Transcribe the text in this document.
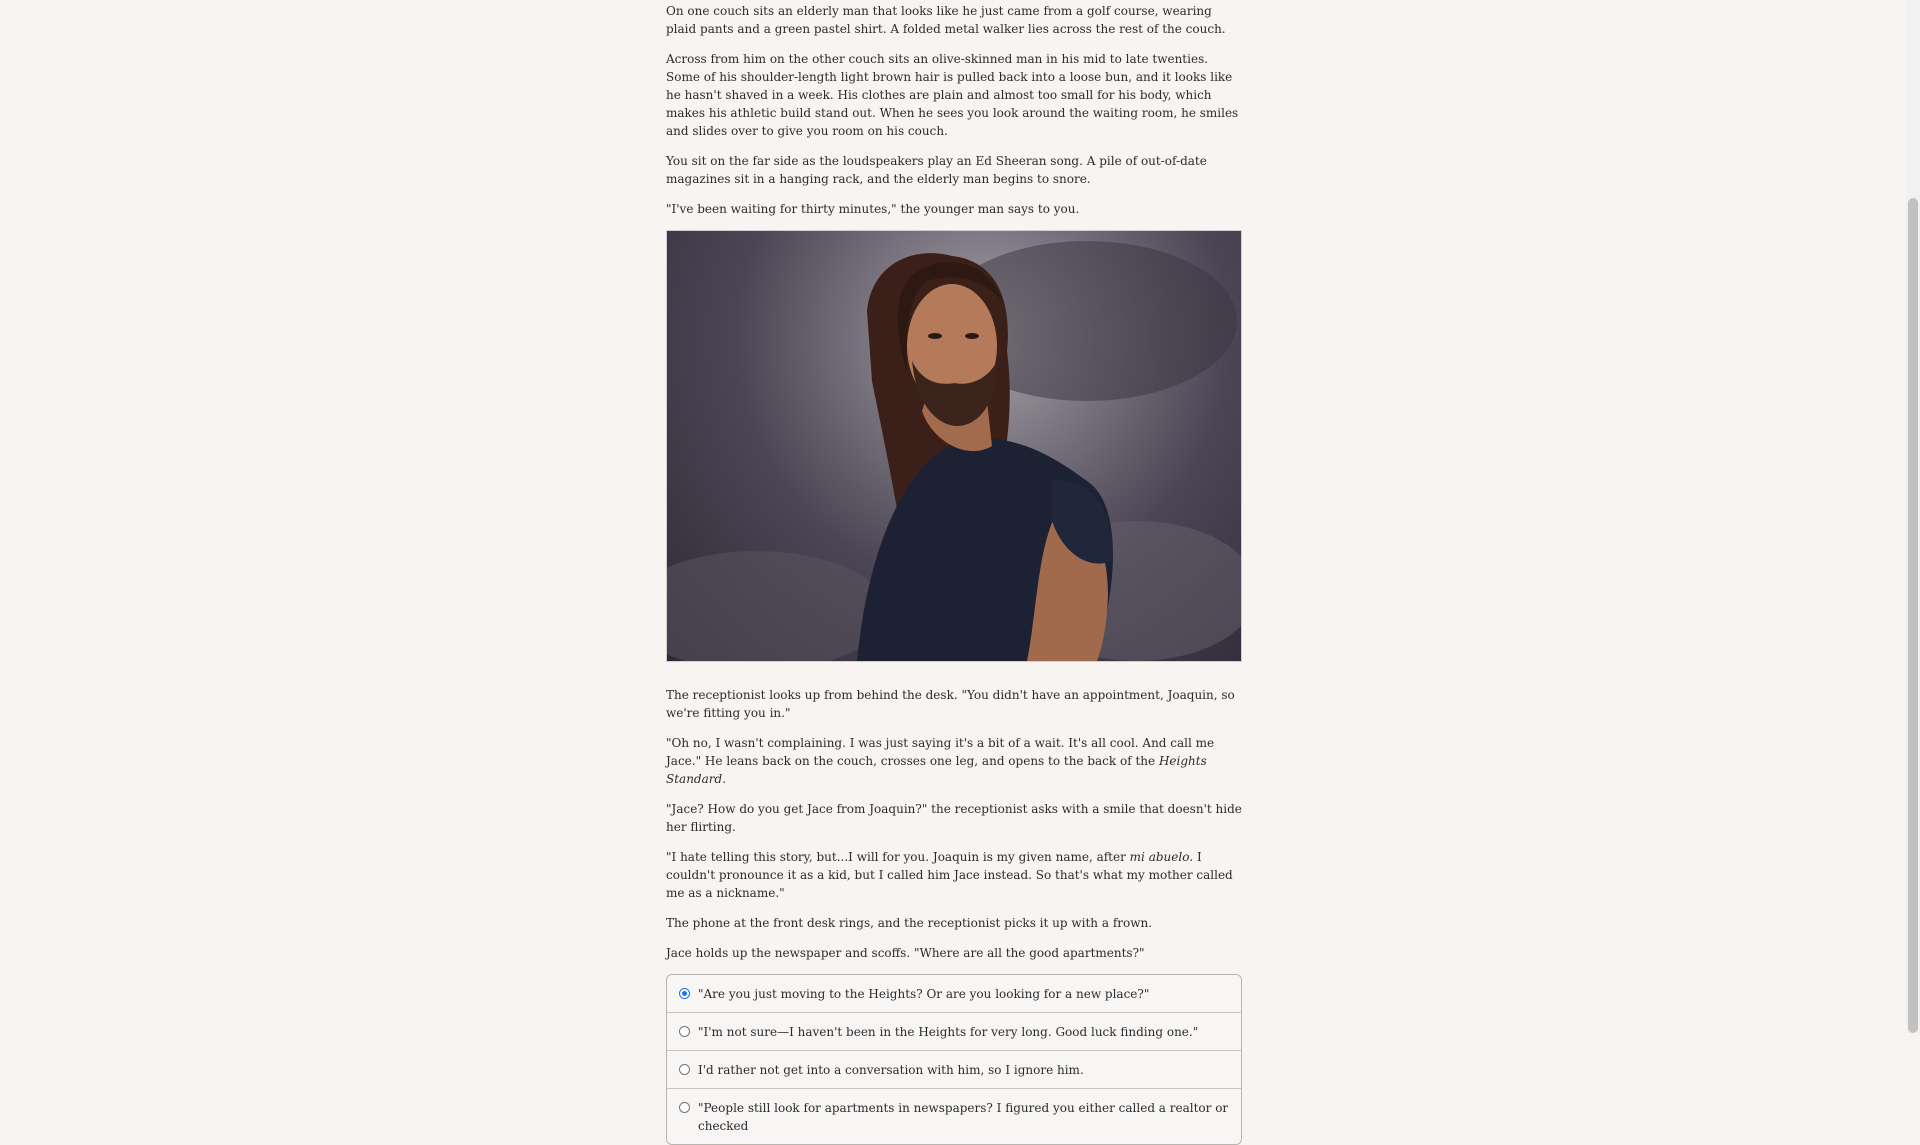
On one couch sits an elderly man that looks like he just came from a golf course, wearing plaid pants and a green pastel shirt. A folded metal walker lies across the rest of the couch.

Across from him on the other couch sits an olive-skinned man in his mid to late twenties. Some of his shoulder-length light brown hair is pulled back into a loose bun, and it looks like he hasn't shaved in a week. His clothes are plain and almost too small for his body, which makes his athletic build stand out. When he sees you look around the waiting room, he smiles and slides over to give you room on his couch.

You sit on the far side as the loudspeakers play an Ed Sheeran song. A pile of out-of-date magazines sit in a hanging rack, and the elderly man begins to snore.

"I've been waiting for thirty minutes," the younger man says to you.

The receptionist looks up from behind the desk. "You didn't have an appointment, Joaquin, so we're fitting you in."

"Oh no, I wasn't complaining. I was just saying it's a bit of a wait. It's all cool. And call me Jace." He leans back on the couch, crosses one leg, and opens to the back of the Heights Standard.

"Jace? How do you get Jace from Joaquin?" the receptionist asks with a smile that doesn't hide her flirting.

"I hate telling this story, but...I will for you. Joaquin is my given name, after mi abuelo. I couldn't pronounce it as a kid, but I called him Jace instead. So that's what my mother called me as a nickname."

The phone at the front desk rings, and the receptionist picks it up with a frown.

Jace holds up the newspaper and scoffs. "Where are all the good apartments?"

"Are you just moving to the Heights? Or are you looking for a new place?"
"I'm not sure—I haven't been in the Heights for very long. Good luck finding one."
I'd rather not get into a conversation with him, so I ignore him.
"People still look for apartments in newspapers? I figured you either called a realtor or checked
